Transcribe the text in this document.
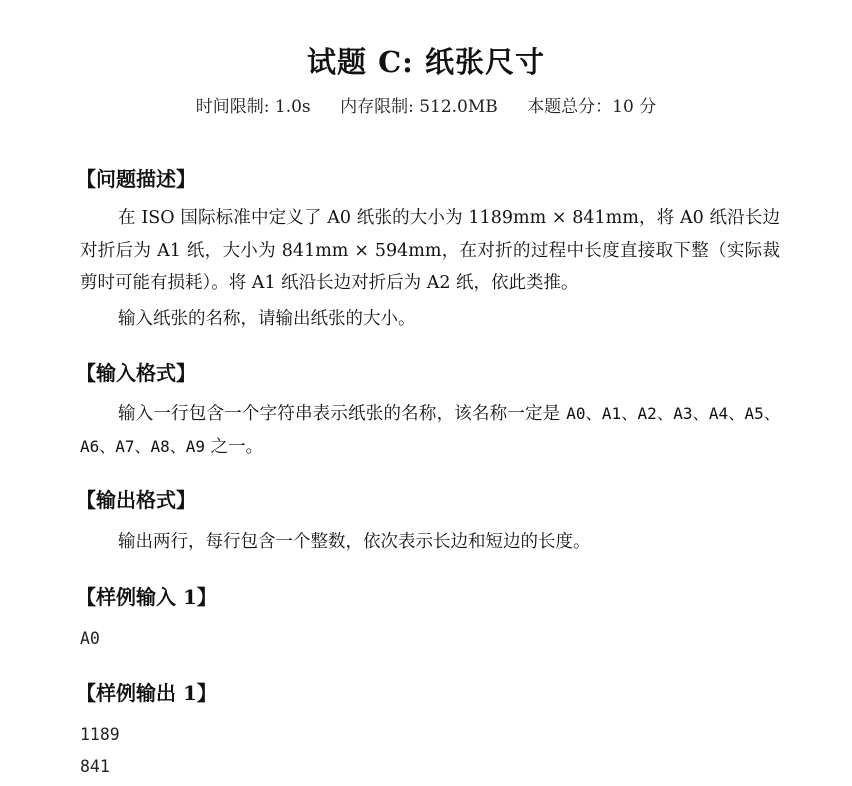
试题 C: 纸张尺寸
时间限制: 1.0s 内存限制: 512.0MB 本题总分：10 分
【问题描述】
在 ISO 国际标准中定义了 A0 纸张的大小为 1189mm × 841mm，将 A0 纸沿长边对折后为 A1 纸，大小为 841mm × 594mm，在对折的过程中长度直接取下整（实际裁剪时可能有损耗）。将 A1 纸沿长边对折后为 A2 纸，依此类推。
输入纸张的名称，请输出纸张的大小。
【输入格式】
输入一行包含一个字符串表示纸张的名称，该名称一定是 A0、A1、A2、A3、A4、A5、A6、A7、A8、A9 之一。
【输出格式】
输出两行，每行包含一个整数，依次表示长边和短边的长度。
【样例输入 1】
A0
【样例输出 1】
1189
841
